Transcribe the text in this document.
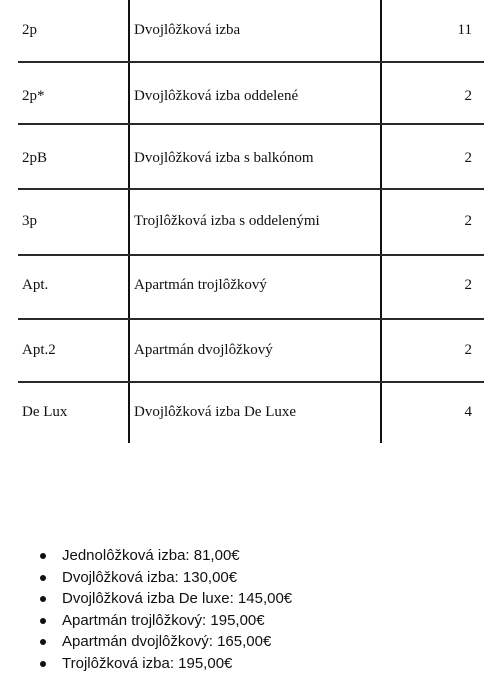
2p	Dvojlôžková izba	11
2p*	Dvojlôžková izba oddelené	2
2pB	Dvojlôžková izba s balkónom	2
3p	Trojlôžková izba s oddelenými	2
Apt.	Apartmán trojlôžkový	2
Apt.2	Apartmán dvojlôžkový	2
De Lux	Dvojlôžková izba De Luxe	4
Jednolôžková izba: 81,00€
Dvojlôžková izba: 130,00€
Dvojlôžková izba De luxe: 145,00€
Apartmán trojlôžkový: 195,00€
Apartmán dvojlôžkový: 165,00€
Trojlôžková izba: 195,00€
